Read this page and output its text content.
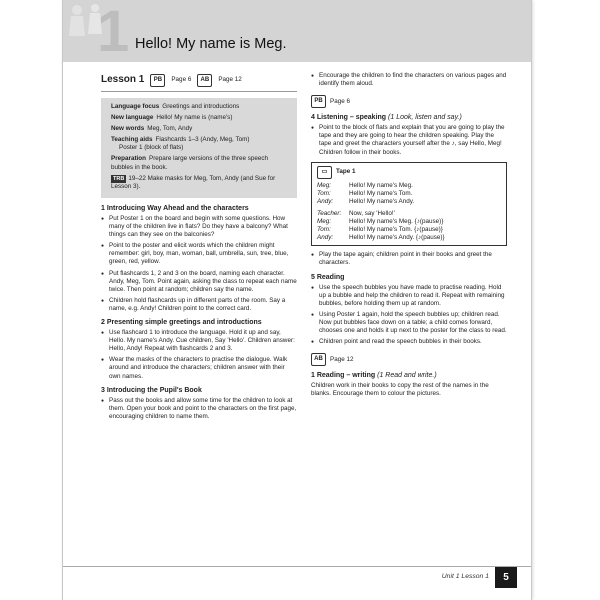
1 Hello! My name is Meg.
Lesson 1	PB	Page 6	AB	Page 12
Language focus Greetings and introductions
New language Hello! My name is (name's)
New words Meg, Tom, Andy
Teaching aids Flashcards 1–3 (Andy, Meg, Tom)
Poster 1 (block of flats)
Preparation Prepare large versions of the three speech bubbles in the book.
TRB 19–22 Make masks for Meg, Tom, Andy (and Sue for Lesson 3).
1 Introducing Way Ahead and the characters
● Put Poster 1 on the board and begin with some questions. How many of the children live in flats? Do they have a balcony? What things can they see on the balconies?
● Point to the poster and elicit words which the children might remember: girl, boy, man, woman, ball, umbrella, sun, tree, blue, green, red, yellow.
● Put flashcards 1, 2 and 3 on the board, naming each character. Andy, Meg, Tom. Point again, asking the class to repeat each name twice. Then point at random; children say the name.
● Children hold flashcards up in different parts of the room. Say a name, e.g. Andy! Children point to the correct card.
2 Presenting simple greetings and introductions
● Use flashcard 1 to introduce the language. Hold it up and say, Hello. My name's Andy. Cue children, Say 'Hello'. Children answer: Hello, Andy! Repeat with flashcards 2 and 3.
● Wear the masks of the characters to practise the dialogue. Walk around and introduce the characters; children answer with their own names.
3 Introducing the Pupil's Book
● Pass out the books and allow some time for the children to look at them. Open your book and point to the characters on the first page, encouraging children to name them.
● Encourage the children to find the characters on various pages and identify them aloud.
PB	Page 6
4 Listening – speaking (1 Look, listen and say.)
● Point to the block of flats and explain that you are going to play the tape and they are going to hear the children speaking. Play the tape and greet the characters yourself after the ♪, say Hello, Meg! Children follow in their books.
▭	Tape 1
Meg:	Hello! My name's Meg.
Tom:	Hello! My name's Tom.
Andy:	Hello! My name's Andy.
Teacher:	Now, say 'Hello!'
Meg:	Hello! My name's Meg. {♪(pause)}
Tom:	Hello! My name's Tom. {♪(pause)}
Andy:	Hello! My name's Andy. {♪(pause)}
● Play the tape again; children point in their books and greet the characters.
5 Reading
● Use the speech bubbles you have made to practise reading. Hold up a bubble and help the children to read it. Repeat with remaining bubbles, before holding them up at random.
● Using Poster 1 again, hold the speech bubbles up; children read. Now put bubbles face down on a table; a child comes forward, chooses one and holds it up next to the poster for the class to read.
● Children point and read the speech bubbles in their books.
AB	Page 12
1 Reading – writing (1 Read and write.)
Children work in their books to copy the rest of the names in the blanks. Encourage them to colour the pictures.
Unit 1 Lesson 1	5
